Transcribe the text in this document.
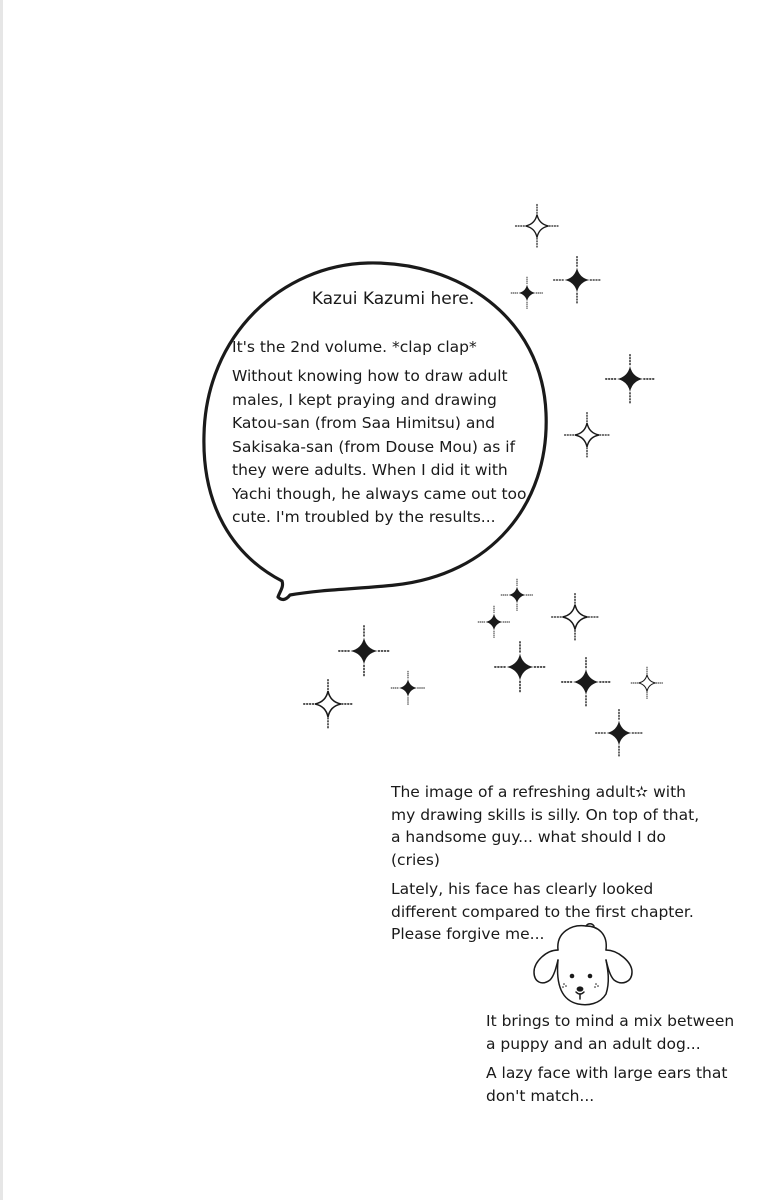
Kazui Kazumi here.

It's the 2nd volume. *clap clap*

Without knowing how to draw adult males, I kept praying and drawing Katou-san (from Saa Himitsu) and Sakisaka-san (from Douse Mou) as if they were adults. When I did it with Yachi though, he always came out too cute. I'm troubled by the results...

The image of a refreshing adult✫ with my drawing skills is silly. On top of that, a handsome guy... what should I do (cries)

Lately, his face has clearly looked different compared to the first chapter. Please forgive me...

It brings to mind a mix between a puppy and an adult dog...

A lazy face with large ears that don't match...
